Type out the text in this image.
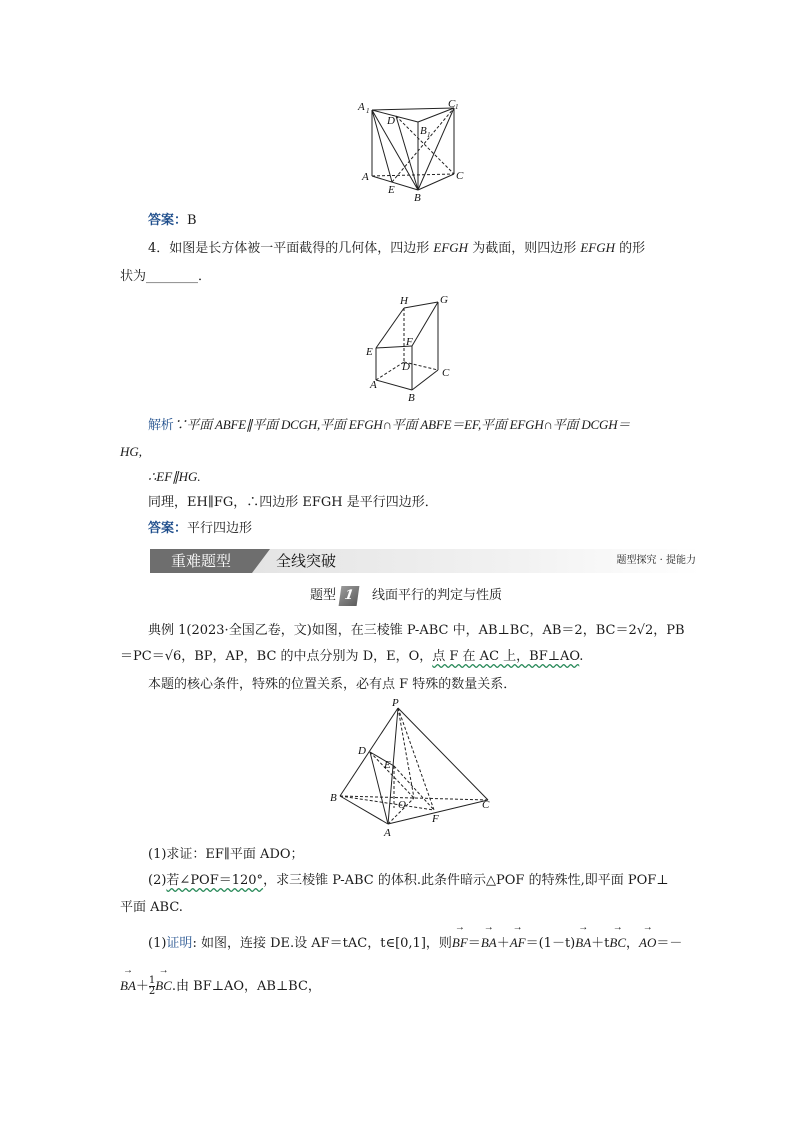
A 1
C 1
D
B 1
A
E
C
B
答案：B
4．如图是长方体被一平面截得的几何体，四边形 EFGH 为截面，则四边形 EFGH 的形
状为________．
H	G
E
F
D	C
A
B
解析∵平面 ABFE∥平面 DCGH,平面 EFGH∩平面 ABFE＝EF,平面 EFGH∩平面 DCGH＝
HG,
∴EF∥HG.
同理，EH∥FG，∴四边形 EFGH 是平行四边形．
答案：平行四边形
重难题型	全线突破	题型探究 · 提能力
题型 1 线面平行的判定与性质
典例 1(2023·全国乙卷，文)如图，在三棱锥 P-ABC 中，AB⊥BC，AB＝2，BC＝2√2，PB
＝PC＝√6，BP，AP，BC 的中点分别为 D，E，O，点 F 在 AC 上，BF⊥AO.
本题的核心条件，特殊的位置关系，必有点 F 特殊的数量关系．
P
D
E
B
O	C
A
F
(1)求证：EF∥平面 ADO；
(2)若∠POF＝120°，求三棱锥 P-ABC 的体积.此条件暗示△POF 的特殊性,即平面 POF⊥
平面 ABC.
(1)证明: 如图，连接 DE.设 AF＝tAC，t∈[0,1]，则→ BF＝→ BA＋→ AF＝(1－t)→ BA＋t→ BC，→ AO＝－
→ $BA+ \frac{1}{2}$
→ BC.由 BF⊥AO，AB⊥BC，
